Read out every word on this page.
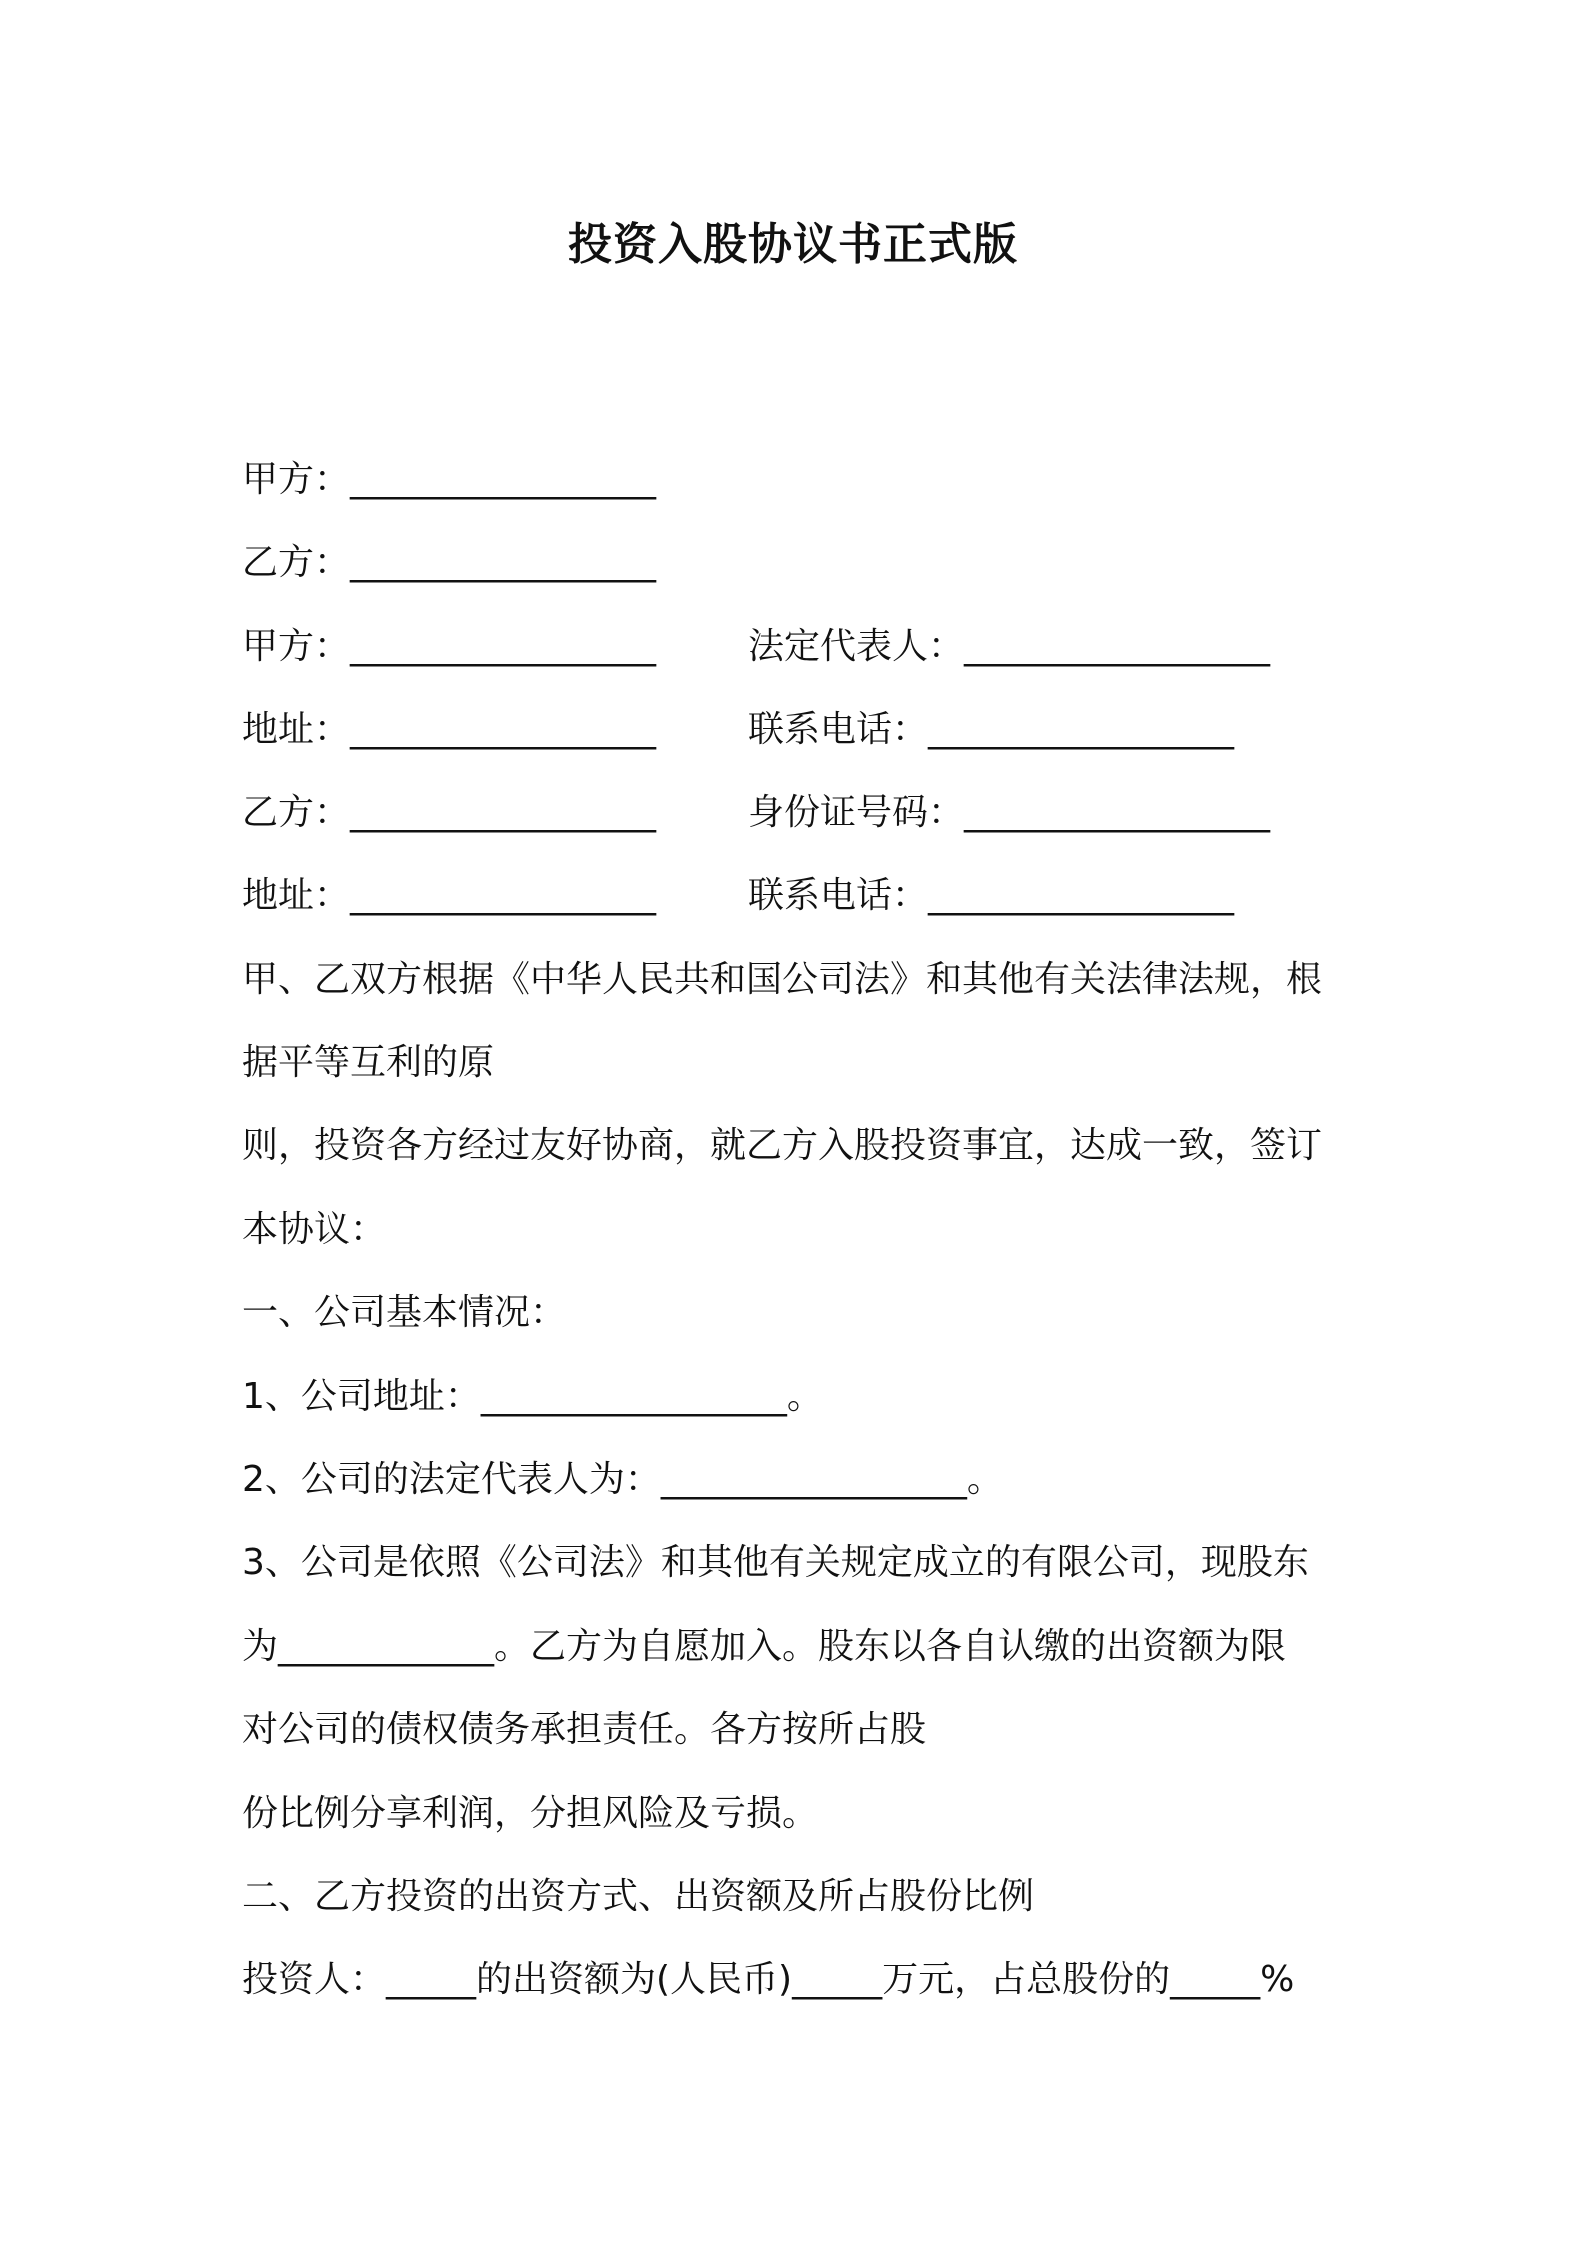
投资入股协议书正式版
甲方：_________________
乙方：_________________
甲方：_________________	法定代表人：_________________
地址：_________________	联系电话：_________________
乙方：_________________	身份证号码：_________________
地址：_________________	联系电话：_________________
甲、乙双方根据《中华人民共和国公司法》和其他有关法律法规，根
据平等互利的原
则，投资各方经过友好协商，就乙方入股投资事宜，达成一致，签订
本协议：
一、公司基本情况：
1、公司地址：_________________。
2、公司的法定代表人为：_________________。
3、公司是依照《公司法》和其他有关规定成立的有限公司，现股东
为____________。乙方为自愿加入。股东以各自认缴的出资额为限
对公司的债权债务承担责任。各方按所占股
份比例分享利润，分担风险及亏损。
二、乙方投资的出资方式、出资额及所占股份比例
投资人：_____的出资额为(人民币)_____万元，占总股份的_____%
